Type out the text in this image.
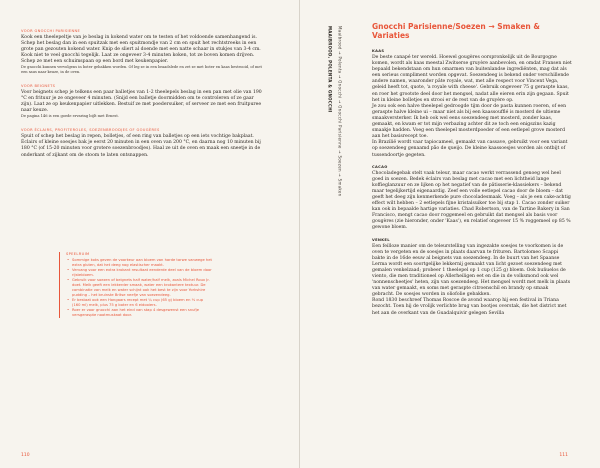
VOOR GNOCCHI PARISIENNE

Kook een theelepeltje van je beslag in kokend water om te testen of het voldoende samenhangend is. Schep het beslag dan in een spuitzak met een spuitmondje van 2 cm en spuit het rechtstreeks in een grote pan gezouten kokend water. Knip de sliert al doende met een natte schaar in stukjes van 3-4 cm. Kook niet te veel gnocchi tegelijk. Laat ze ongeveer 3-4 minuten koken, tot ze boven komen drijven. Schep ze met een schuimspaan op een bord met keukenpapier.

De gnocchi kunnen vervolgens in boter gebakken worden. Of leg ze in een braadslede en zet ze met boter en kaas bestrooid, of met een saus naar keuze, in de oven.

VOOR BEIGNETS

Voor beignets schep je telkens een paar balletjes van 1-2 theelepels beslag in een pan met olie van 190 °C en frituur je ze ongeveer 4 minuten. (Snijd een balletje doormidden om te controleren of ze gaar zijn). Laat ze op keukenpapier uitlekken. Bestuif ze met poedersuiker, of serveer ze met een fruitpuree naar keuze.

De pagina 146 is een goede ervaring bijlt met Ernest.

VOOR ÉCLAIRS, PROFITEROLES, SOEZENBROODJES OF GOUGÈRES

Spuit of schep het beslag in repen, bolletjes, of een ring van balletjes op een iets vochtige bakplaat. Éclairs of kleine soesjes bak je eerst 20 minuten in een oven van 200 °C, en daarna nog 10 minuten bij 180 °C (of 15-20 minuten voor grotere soezenbroodjes). Haal ze uit de oven en maak een sneetje in de onderkant of zijkant om de stoom te laten ontsnappen.

SPEELRUIM

• Sommige koks geven de voorkeur aan bloem van harde tarwe vanwege het extra gluten, dat het deeg nog elastischer maakt.
• Vervang voor een extra krokant resultaat eenderde deel van de bloem door rijstebloem.
• Gebruik voor soezen of beignets half water/half melk, zoals Michel Roux Jr. doet. Melk geeft een lekkerder smaak, water een krokantere textuur. De combinatie van melk en water schijnt ook het best te zijn voor Yorkshire pudding – het bruinste Britse neefje van soezendeeg.
• Er bestaat ook een Hongaars recept met ¼ cup (65 g) bloem en ⅓ cup (160 ml) melk, plus 75 g boter en 6 eidooiers.
• Roer er voor gnocchi aan het eind van stap 4 desgewenst een snufje versgeraspte nootmuskaat door.
110
MAAIBROOD, POLENTA & GNOCCHI Maaibrood → Polenta → Gnocchi → Gnocchi Parisienne → Soezen → Smaken	Gnocchi Parisienne/Soezen → Smaken & Variaties

KAAS

De beste canapé ter wereld. Hoewel gougères oorspronkelijk uit de Bourgogne komen, wordt als kaas meestal Zwitserse gruyère aanbevolen, en omdat Fransen niet bepaald bekendstaan om hun omarmen van buitenlandse ingrediënten, mag dat als een serieus compliment worden opgevat. Soezendeeg is bekend onder verschillende andere namen, waaronder pâte royale, wat, met alle respect voor Vincent Vega, geleid heeft tot, quote, 'a royale with cheese'. Gebruik ongeveer 75 g geraspte kaas, en roer het grootste deel door het mengsel, nadat alle eieren erin zijn gegaan. Spuit het in kleine bolletjes en strooi er de rest van de gruyère op.

Je zou ook een halve theelepel gedroogde tijm door de pasta kunnen roeren, of een geraspte halve kleine ui – maar niet als bij een kaassoufflé is mosterd de ultieme smaakversterker. Ik heb ook wel eens soezendeeg met mosterd, zonder kaas, gemaakt, en kwam er tot mijn verbazing achter dit ze toch een enigszins kazig smaakje hadden. Voeg een theelepel mosterdpoeder of een eetlepel grove mosterd aan het basisrecept toe.

In Brazilië wordt vaar tapiocameel, gemaakt van cassave, gebruikt voor een variant op soezendeeg genaamd pão de queijo. De kleine kaassoesjes worden als ontbijt of tussendoortje gegeten.

CACAO

Chocoladegebak stelt vaak teleur, maar cacao werkt verrassend genoeg wel heel goed in soezen. Bedek éclairs van beslag met cacao met een lichtheid lange koffieglanzuur en ze lijken op het negatief van de pâtisserie-klassiekers – bekend maar tegelijkertijd eigenaardig. Zeef een volle eetlepel cacao door de bloem – dat geeft het deeg zijn kenmerkende pure chocoladesmaak. Voeg – als je een cake-achtig effect wilt hebben – 2 eetlepels fijne kristalsuiker toe bij stap 1. Cacao zonder suiker kan ook in bepaalde hartige variaties. Chad Robertson, van de Tartine Bakery in San Francisco, mengt cacao door roggemeel en gebruikt dat mengsel als basis voor gougères (zie hieronder, onder 'Kaas'), en relatief ongeveer 15 % roggemeel op 85 % gewone bloem.

VENKEL

Een feilloze manier om de teleurstelling van ingezakte soesjes te voorkomen is de oven te vergeten en de soesjes in plaats daarvan te frituren. Bartolomeo Scappi bakte in de 16de eeuw al beignets van soezendeeg. In de buurt van het Spaanse Lerma wordt een soortgelijke lekkernij gemaakt van licht gezoet soezendeeg met gemalen venkelzaad; probeer 1 theelepel op 1 cup (125 g) bloem. Ook buñuelos de viento, die men traditioneel op Allerheiligen eet en die in de volksmond ook wel 'nonnenscheetjes' heten, zijn van soezendeeg. Het mengsel wordt met melk in plaats van water gemaakt, en soms met geraspte citroenschil en brandy op smaak gebracht. De soesjes worden in oliofolie gebakken.

Rond 1830 beschreef Thomas Roscoe de avond waarop hij een festival in Triana bezocht. Toen hij de vrolijk verlichte brug van bootjes overstak, die het district met het aan de overkant van de Guadalquivir gelegen Sevilla

111
